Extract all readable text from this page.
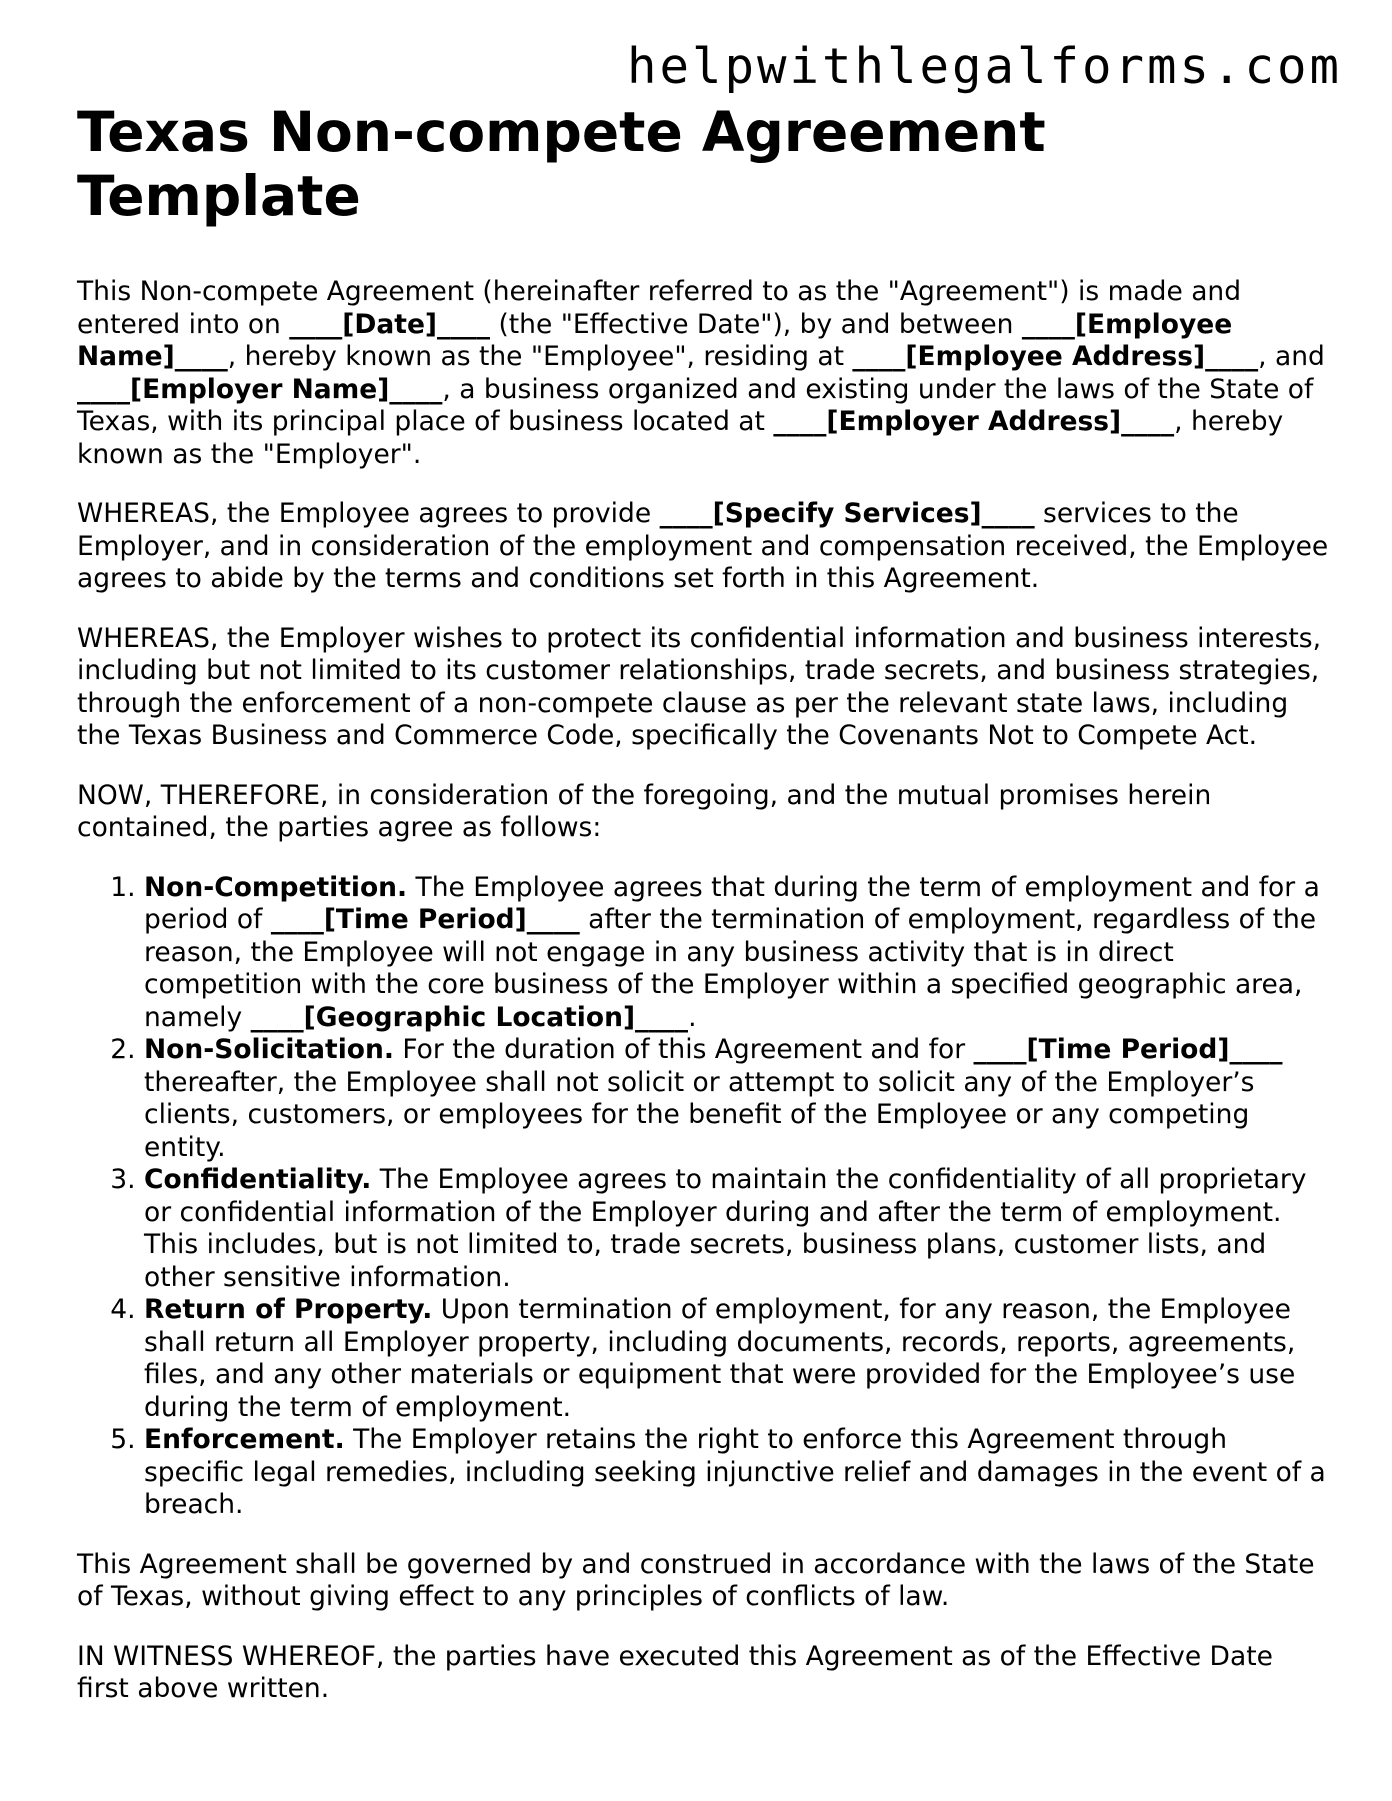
helpwithlegalforms.com
Texas Non-compete Agreement Template

This Non-compete Agreement (hereinafter referred to as the "Agreement") is made and entered into on ____[Date]____ (the "Effective Date"), by and between ____[Employee Name]____, hereby known as the "Employee", residing at ____[Employee Address]____, and ____[Employer Name]____, a business organized and existing under the laws of the State of Texas, with its principal place of business located at ____[Employer Address]____, hereby known as the "Employer".

WHEREAS, the Employee agrees to provide ____[Specify Services]____ services to the Employer, and in consideration of the employment and compensation received, the Employee agrees to abide by the terms and conditions set forth in this Agreement.

WHEREAS, the Employer wishes to protect its confidential information and business interests, including but not limited to its customer relationships, trade secrets, and business strategies, through the enforcement of a non-compete clause as per the relevant state laws, including the Texas Business and Commerce Code, specifically the Covenants Not to Compete Act.

NOW, THEREFORE, in consideration of the foregoing, and the mutual promises herein contained, the parties agree as follows:

1. Non-Competition. The Employee agrees that during the term of employment and for a period of ____[Time Period]____ after the termination of employment, regardless of the reason, the Employee will not engage in any business activity that is in direct competition with the core business of the Employer within a specified geographic area, namely ____[Geographic Location]____.
2. Non-Solicitation. For the duration of this Agreement and for ____[Time Period]____ thereafter, the Employee shall not solicit or attempt to solicit any of the Employer’s clients, customers, or employees for the benefit of the Employee or any competing entity.
3. Confidentiality. The Employee agrees to maintain the confidentiality of all proprietary or confidential information of the Employer during and after the term of employment. This includes, but is not limited to, trade secrets, business plans, customer lists, and other sensitive information.
4. Return of Property. Upon termination of employment, for any reason, the Employee shall return all Employer property, including documents, records, reports, agreements, files, and any other materials or equipment that were provided for the Employee’s use during the term of employment.
5. Enforcement. The Employer retains the right to enforce this Agreement through specific legal remedies, including seeking injunctive relief and damages in the event of a breach.

This Agreement shall be governed by and construed in accordance with the laws of the State of Texas, without giving effect to any principles of conflicts of law.

IN WITNESS WHEREOF, the parties have executed this Agreement as of the Effective Date first above written.
